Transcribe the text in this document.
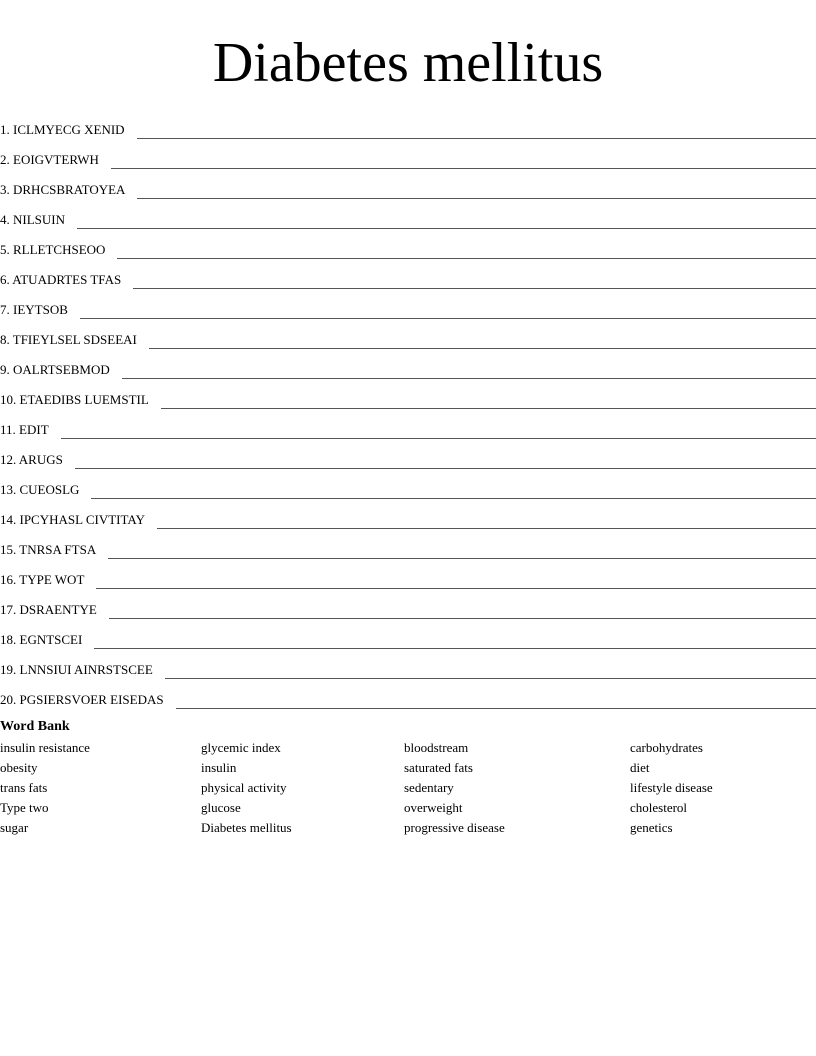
Diabetes mellitus
1. ICLMYECG XENID
2. EOIGVTERWH
3. DRHCSBRATOYEA
4. NILSUIN
5. RLLETCHSEOO
6. ATUADRTES TFAS
7. IEYTSOB
8. TFIEYLSEL SDSEEAI
9. OALRTSEBMOD
10. ETAEDIBS LUEMSTIL
11. EDIT
12. ARUGS
13. CUEOSLG
14. IPCYHASL CIVTITAY
15. TNRSA FTSA
16. TYPE WOT
17. DSRAENTYE
18. EGNTSCEI
19. LNNSIUI AINRSTSCEE
20. PGSIERSVOER EISEDAS
Word Bank
insulin resistance
obesity
trans fats
Type two
sugar
glycemic index
insulin
physical activity
glucose
Diabetes mellitus
bloodstream
saturated fats
sedentary
overweight
progressive disease
carbohydrates
diet
lifestyle disease
cholesterol
genetics
